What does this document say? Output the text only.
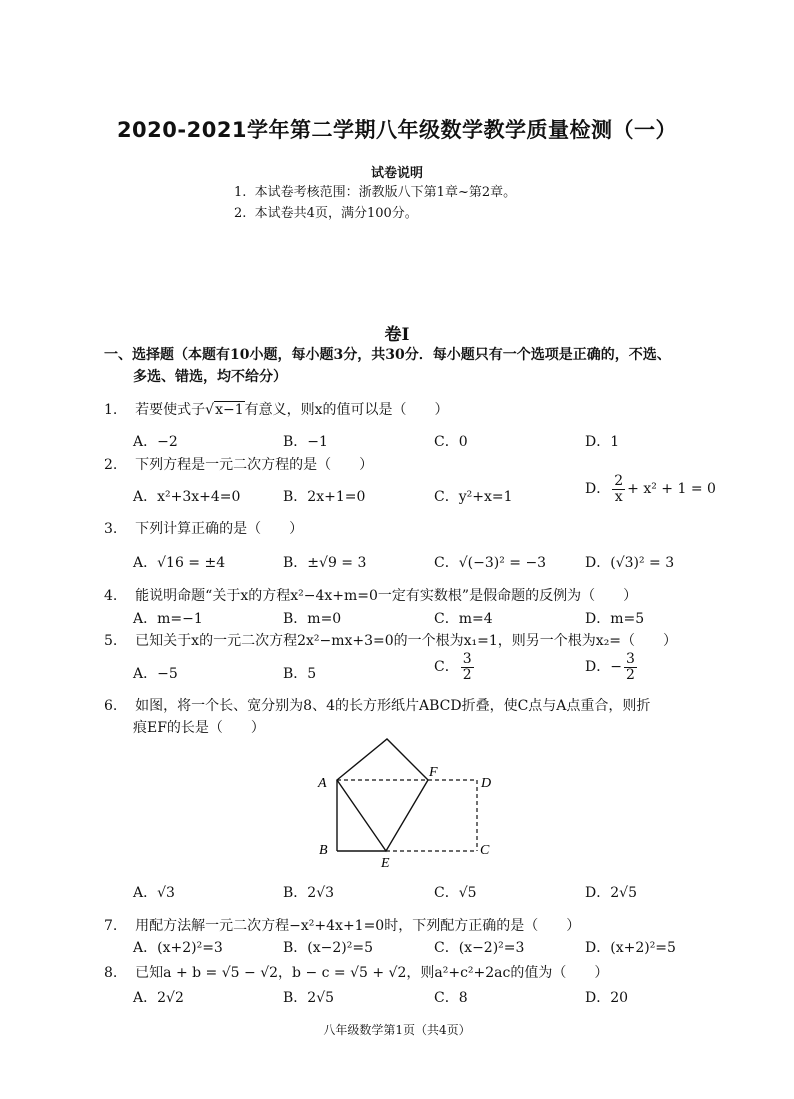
2020-2021学年第二学期八年级数学教学质量检测（一）
试卷说明
1. 本试卷考核范围：浙教版八下第1章~第2章。
2. 本试卷共4页，满分100分。
卷Ⅰ
一、选择题（本题有10小题，每小题3分，共30分．每小题只有一个选项是正确的，不选、
多选、错选，均不给分）
1. 若要使式子√x−1有意义，则x的值可以是（　　）
A．−2	B．−1	C．0	D．1
2. 下列方程是一元二次方程的是（　　）
A．x²+3x+4=0	B．2x+1=0	C．y²+x=1	D． $\frac{2}{x} + x^2 + 1 = 0$
3. 下列计算正确的是（　　）
A．√16 = ±4	B．±√9 = 3	C．√(−3)² = −3	D．(√3)² = 3
4. 能说明命题“关于x的方程x²−4x+m=0一定有实数根”是假命题的反例为（　　）
A．m=−1	B．m=0	C．m=4	D．m=5
5. 已知关于x的一元二次方程2x²−mx+3=0的一个根为x₁=1，则另一个根为x₂=（　　）
A．−5	B．5	C． $\frac{3}{2}$	D．− $\frac{3}{2}$
6. 如图，将一个长、宽分别为8、4的长方形纸片ABCD折叠，使C点与A点重合，则折
痕EF的长是（　　）
A
B	C
D
E
F
A．√3	B．2√3	C．√5	D．2√5
7. 用配方法解一元二次方程−x²+4x+1=0时，下列配方正确的是（　　）
A．(x+2)²=3	B．(x−2)²=5	C．(x−2)²=3	D．(x+2)²=5
8. 已知a + b = √5 − √2，b − c = √5 + √2，则a²+c²+2ac的值为（　　）
A．2√2	B．2√5	C．8	D．20
八年级数学第1页（共4页）
